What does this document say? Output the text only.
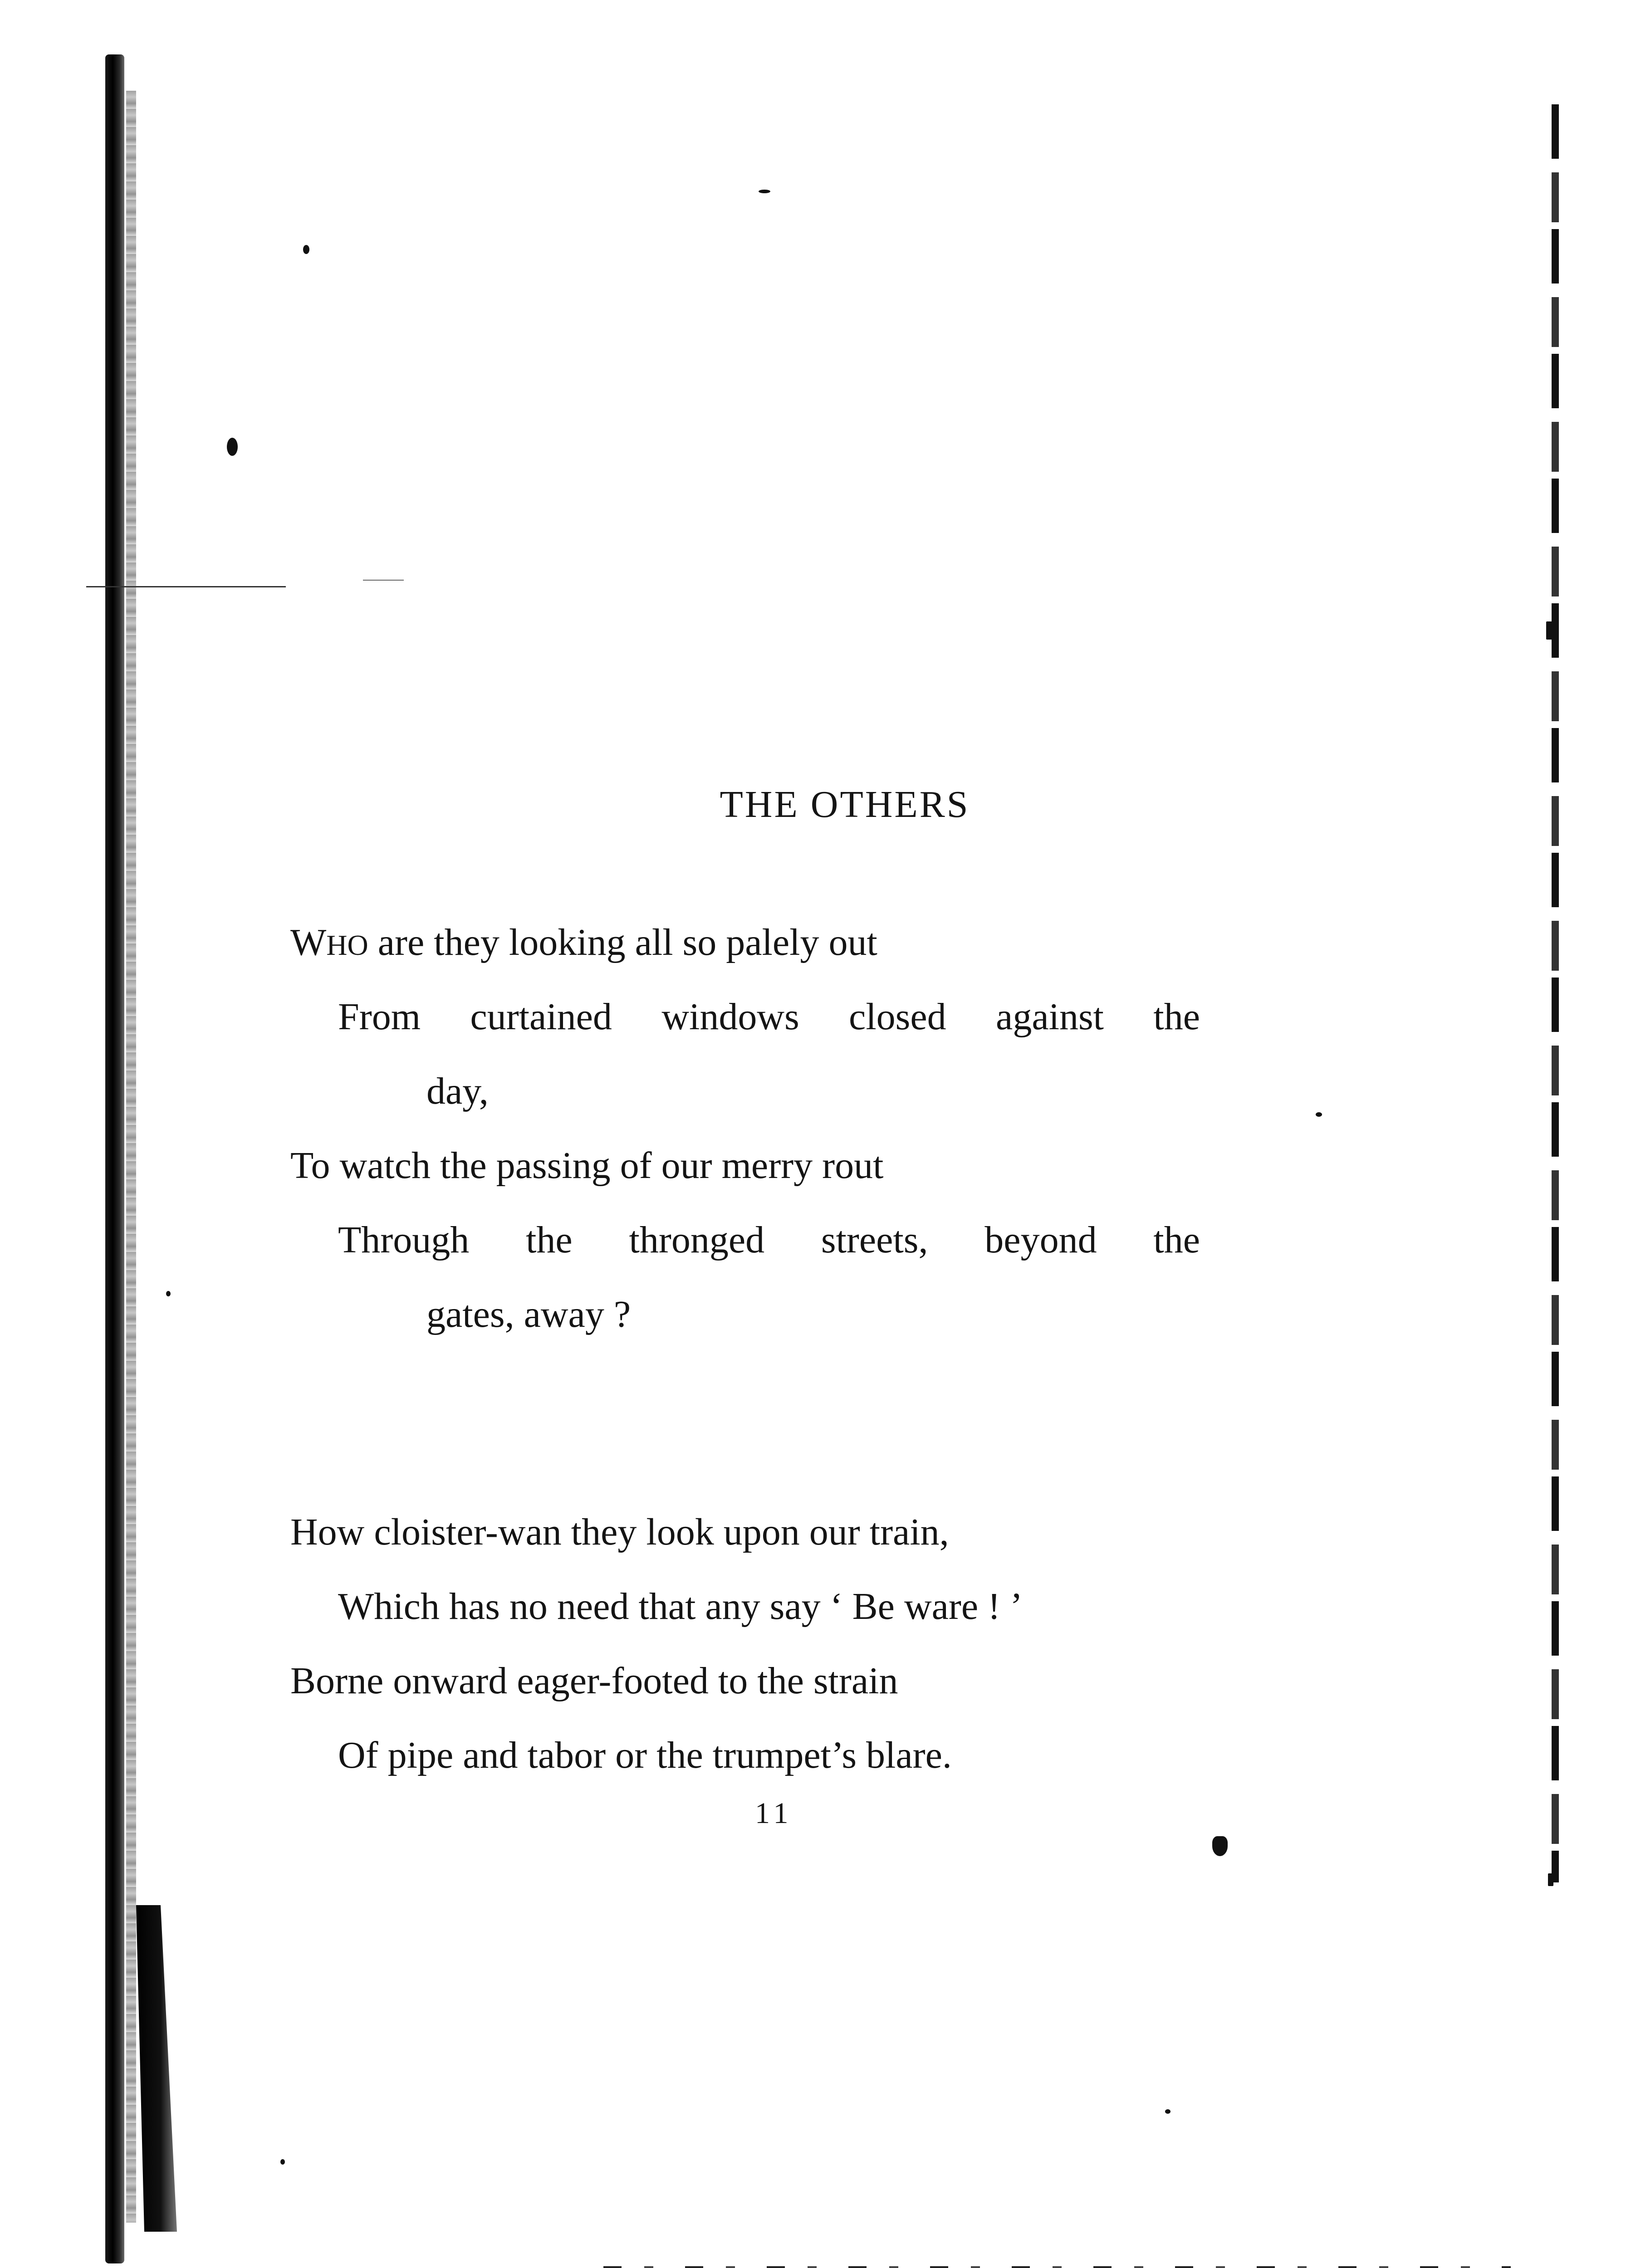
THE OTHERS
WHO are they looking all so palely out
From curtained windows closed against the
day,
To watch the passing of our merry rout
Through the thronged streets, beyond the
gates, away ?
How cloister-wan they look upon our train,
Which has no need that any say ‘ Be ware ! ’
Borne onward eager-footed to the strain
Of pipe and tabor or the trumpet’s blare.
11
